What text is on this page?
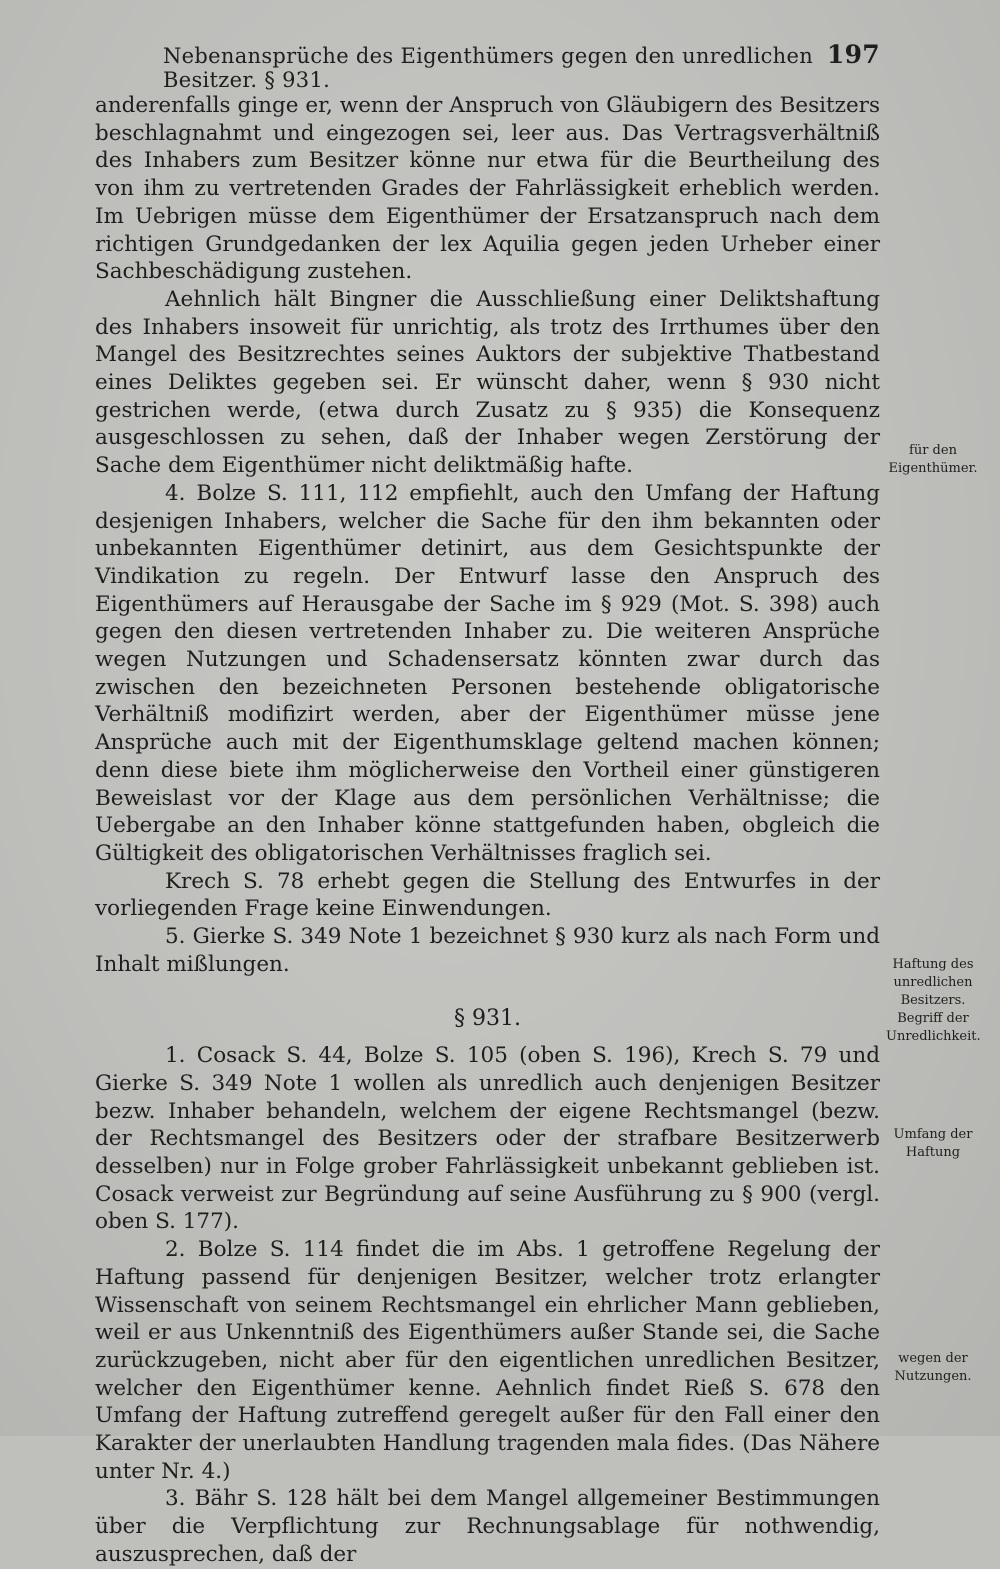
Nebenansprüche des Eigenthümers gegen den unredlichen Besitzer. § 931.
197

anderenfalls ginge er, wenn der Anspruch von Gläubigern des Besitzers beschlagnahmt und eingezogen sei, leer aus. Das Vertragsverhältniß des Inhabers zum Besitzer könne nur etwa für die Beurtheilung des von ihm zu vertretenden Grades der Fahrlässigkeit erheblich werden. Im Uebrigen müsse dem Eigenthümer der Ersatzanspruch nach dem richtigen Grundgedanken der lex Aquilia gegen jeden Urheber einer Sachbeschädigung zustehen.

Aehnlich hält Bingner die Ausschließung einer Deliktshaftung des Inhabers insoweit für unrichtig, als trotz des Irrthumes über den Mangel des Besitzrechtes seines Auktors der subjektive Thatbestand eines Deliktes gegeben sei. Er wünscht daher, wenn § 930 nicht gestrichen werde, (etwa durch Zusatz zu § 935) die Konsequenz ausgeschlossen zu sehen, daß der Inhaber wegen Zerstörung der Sache dem Eigenthümer nicht deliktmäßig hafte.

4. Bolze S. 111, 112 empfiehlt, auch den Umfang der Haftung desjenigen Inhabers, welcher die Sache für den ihm bekannten oder unbekannten Eigenthümer detinirt, aus dem Gesichtspunkte der Vindikation zu regeln. Der Entwurf lasse den Anspruch des Eigenthümers auf Herausgabe der Sache im § 929 (Mot. S. 398) auch gegen den diesen vertretenden Inhaber zu. Die weiteren Ansprüche wegen Nutzungen und Schadensersatz könnten zwar durch das zwischen den bezeichneten Personen bestehende obligatorische Verhältniß modifizirt werden, aber der Eigenthümer müsse jene Ansprüche auch mit der Eigenthumsklage geltend machen können; denn diese biete ihm möglicherweise den Vortheil einer günstigeren Beweislast vor der Klage aus dem persönlichen Verhältnisse; die Uebergabe an den Inhaber könne stattgefunden haben, obgleich die Gültigkeit des obligatorischen Verhältnisses fraglich sei.

Krech S. 78 erhebt gegen die Stellung des Entwurfes in der vorliegenden Frage keine Einwendungen.

5. Gierke S. 349 Note 1 bezeichnet § 930 kurz als nach Form und Inhalt mißlungen.

§ 931.

1. Cosack S. 44, Bolze S. 105 (oben S. 196), Krech S. 79 und Gierke S. 349 Note 1 wollen als unredlich auch denjenigen Besitzer bezw. Inhaber behandeln, welchem der eigene Rechtsmangel (bezw. der Rechtsmangel des Besitzers oder der strafbare Besitzerwerb desselben) nur in Folge grober Fahrlässigkeit unbekannt geblieben ist. Cosack verweist zur Begründung auf seine Ausführung zu § 900 (vergl. oben S. 177).

2. Bolze S. 114 findet die im Abs. 1 getroffene Regelung der Haftung passend für denjenigen Besitzer, welcher trotz erlangter Wissenschaft von seinem Rechtsmangel ein ehrlicher Mann geblieben, weil er aus Unkenntniß des Eigenthümers außer Stande sei, die Sache zurückzugeben, nicht aber für den eigentlichen unredlichen Besitzer, welcher den Eigenthümer kenne. Aehnlich findet Rieß S. 678 den Umfang der Haftung zutreffend geregelt außer für den Fall einer den Karakter der unerlaubten Handlung tragenden mala fides. (Das Nähere unter Nr. 4.)

3. Bähr S. 128 hält bei dem Mangel allgemeiner Bestimmungen über die Verpflichtung zur Rechnungsablage für nothwendig, auszusprechen, daß der

für den Eigenthümer.
Haftung des unredlichen Besitzers. Begriff der Unredlichkeit.
Umfang der Haftung
wegen der Nutzungen.
